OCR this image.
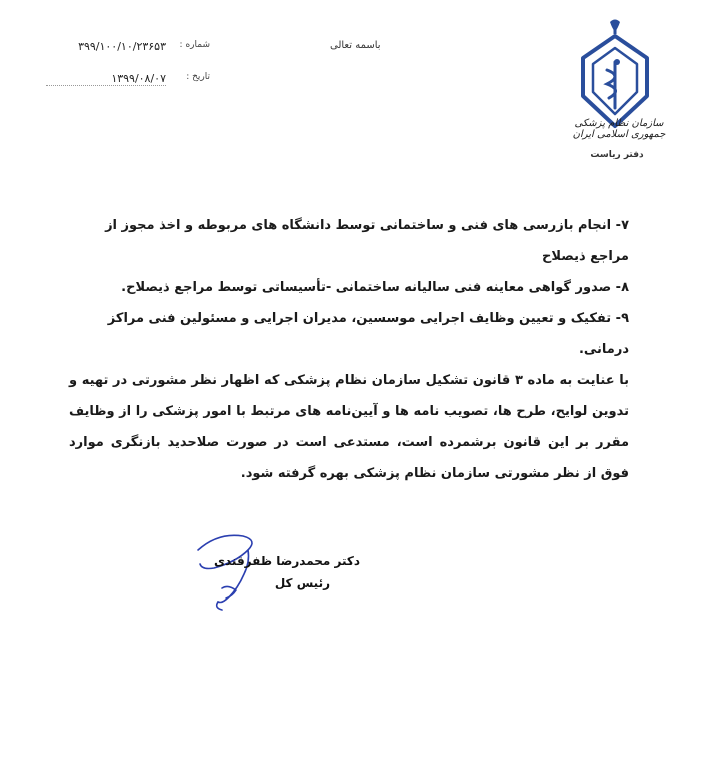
شماره :
۳۹۹/۱۰۰/۱۰/۲۳۶۵۳
تاریخ :
۱۳۹۹/۰۸/۰۷
باسمه تعالی
سازمان نظام پزشکی جمهوری اسلامی ایران
دفتر ریاست

۷- انجام بازرسی های فنی و ساختمانی توسط دانشگاه های مربوطه و اخذ مجوز از مراجع ذیصلاح

۸- صدور گواهی معاینه فنی سالیانه ساختمانی -تأسیساتی توسط مراجع ذیصلاح.

۹- تفکیک و تعیین وظایف اجرایی موسسین، مدیران اجرایی و مسئولین فنی مراکز درمانی.

با عنایت به ماده ۳ قانون تشکیل سازمان نظام پزشکی که اظهار نظر مشورتی در تهیه و تدوین لوایح، طرح ها، تصویب نامه ها و آیین‌نامه های مرتبط با امور پزشکی را از وظایف مقرر بر این قانون برشمرده است، مستدعی است در صورت صلاحدید بازنگری موارد فوق از نظر مشورتی سازمان نظام پزشکی بهره گرفته شود.

دکتر محمدرضا ظفرقندی
رئیس کل
